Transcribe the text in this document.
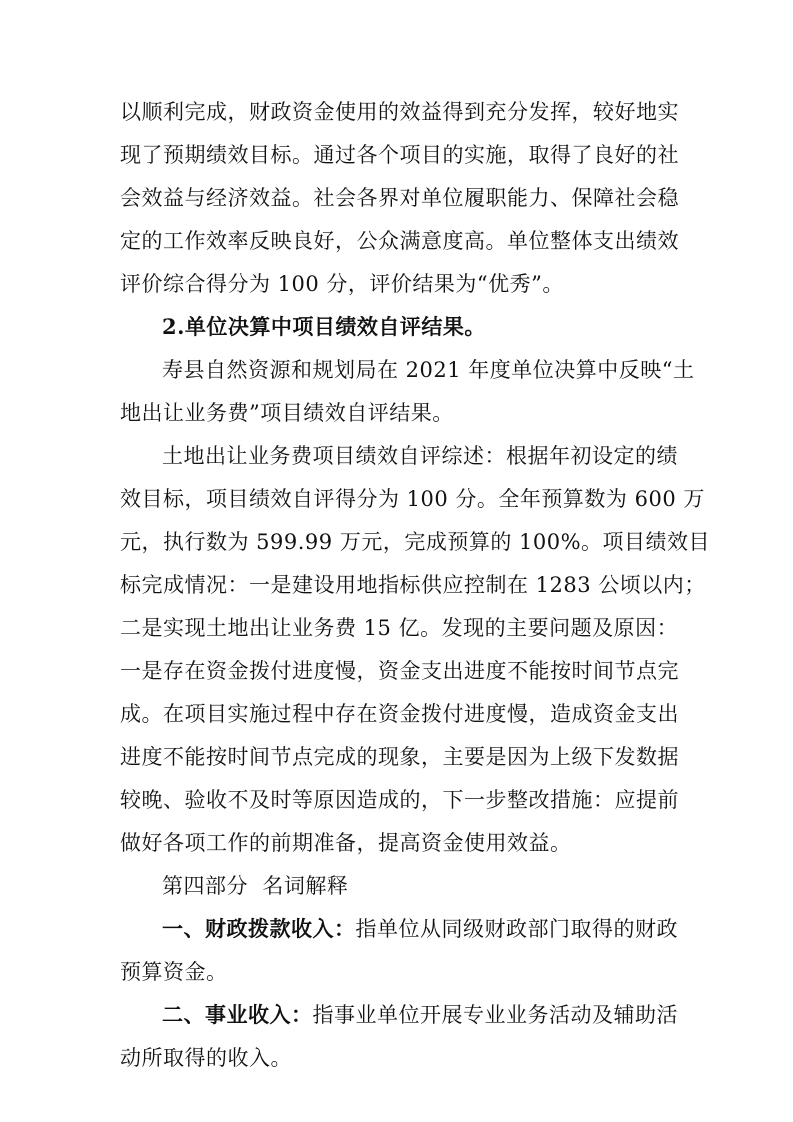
以顺利完成，财政资金使用的效益得到充分发挥，较好地实
现了预期绩效目标。通过各个项目的实施，取得了良好的社
会效益与经济效益。社会各界对单位履职能力、保障社会稳
定的工作效率反映良好，公众满意度高。单位整体支出绩效
评价综合得分为 100 分，评价结果为“优秀”。
2.单位决算中项目绩效自评结果。
寿县自然资源和规划局在 2021 年度单位决算中反映“土
地出让业务费”项目绩效自评结果。
土地出让业务费项目绩效自评综述：根据年初设定的绩
效目标，项目绩效自评得分为 100 分。全年预算数为 600 万
元，执行数为 599.99 万元，完成预算的 100%。项目绩效目
标完成情况：一是建设用地指标供应控制在 1283 公顷以内；
二是实现土地出让业务费 15 亿。发现的主要问题及原因：
一是存在资金拨付进度慢，资金支出进度不能按时间节点完
成。在项目实施过程中存在资金拨付进度慢，造成资金支出
进度不能按时间节点完成的现象，主要是因为上级下发数据
较晚、验收不及时等原因造成的，下一步整改措施：应提前
做好各项工作的前期准备，提高资金使用效益。
第四部分  名词解释
一、财政拨款收入：指单位从同级财政部门取得的财政
预算资金。
二、事业收入：指事业单位开展专业业务活动及辅助活
动所取得的收入。
